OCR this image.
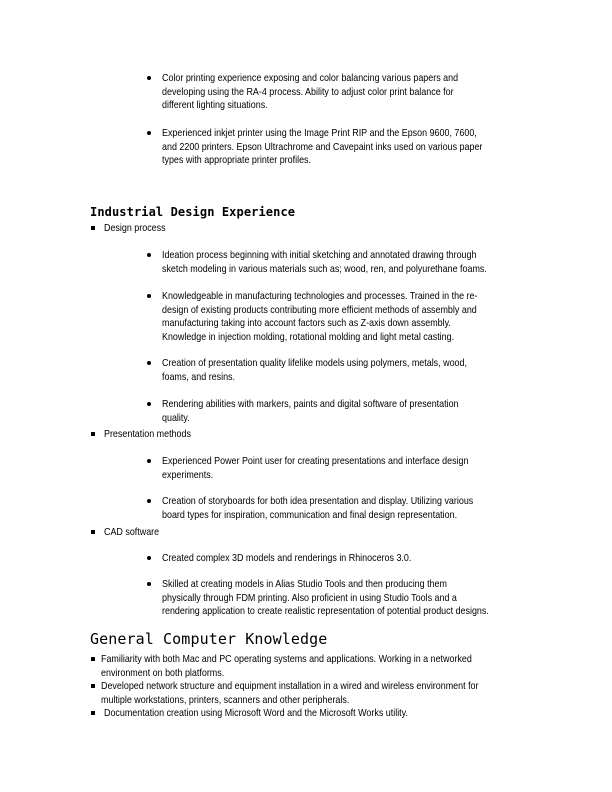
Color printing experience exposing and color balancing various papers and
developing using the RA-4 process. Ability to adjust color print balance for
different lighting situations.
Experienced inkjet printer using the Image Print RIP and the Epson 9600, 7600,
and 2200 printers. Epson Ultrachrome and Cavepaint inks used on various paper
types with appropriate printer profiles.
Industrial Design Experience
Design process
Ideation process beginning with initial sketching and annotated drawing through
sketch modeling in various materials such as; wood, ren, and polyurethane foams.
Knowledgeable in manufacturing technologies and processes. Trained in the re-
design of existing products contributing more efficient methods of assembly and
manufacturing taking into account factors such as Z-axis down assembly.
Knowledge in injection molding, rotational molding and light metal casting.
Creation of presentation quality lifelike models using polymers, metals, wood,
foams, and resins.
Rendering abilities with markers, paints and digital software of presentation
quality.
Presentation methods
Experienced Power Point user for creating presentations and interface design
experiments.
Creation of storyboards for both idea presentation and display. Utilizing various
board types for inspiration, communication and final design representation.
CAD software
Created complex 3D models and renderings in Rhinoceros 3.0.
Skilled at creating models in Alias Studio Tools and then producing them
physically through FDM printing. Also proficient in using Studio Tools and a
rendering application to create realistic representation of potential product designs.
General Computer Knowledge
Familiarity with both Mac and PC operating systems and applications. Working in a networked
environment on both platforms.
Developed network structure and equipment installation in a wired and wireless environment for
multiple workstations, printers, scanners and other peripherals.
Documentation creation using Microsoft Word and the Microsoft Works utility.
